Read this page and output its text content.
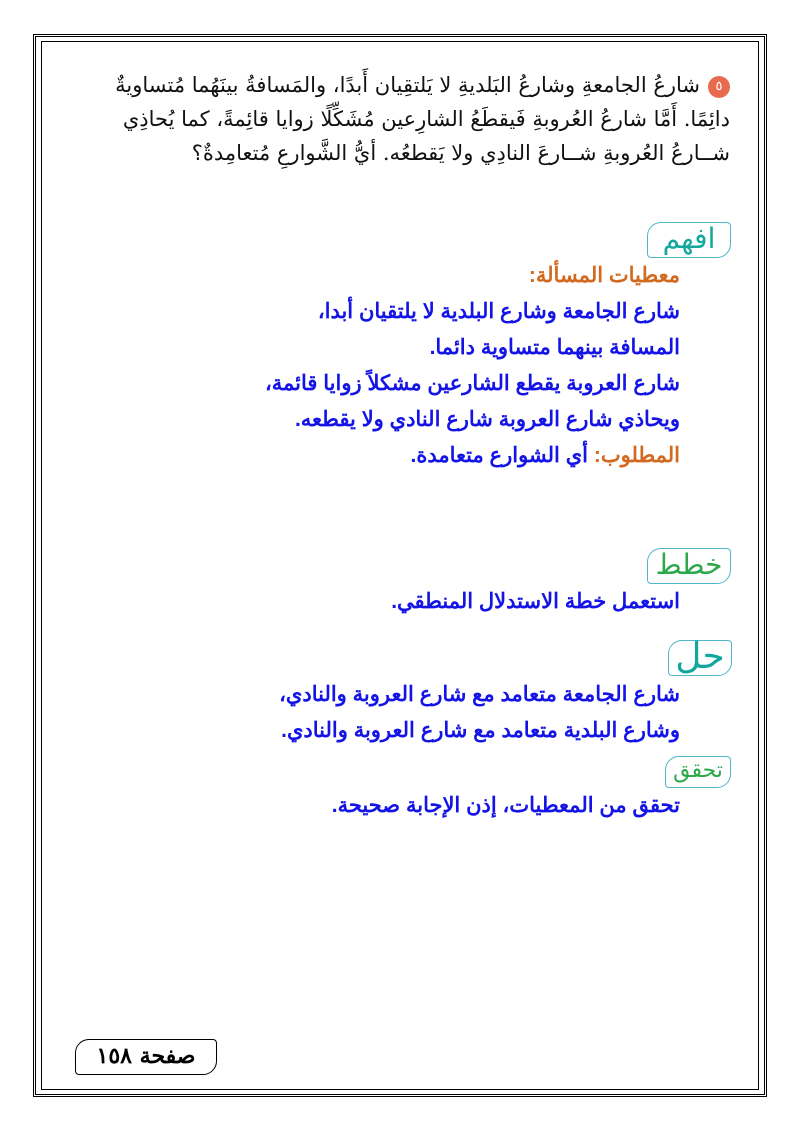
٥شارعُ الجامعةِ وشارعُ البَلديةِ لا يَلتقِيان أَبدًا، والمَسافةُ بينَهُما مُتساويةٌ دائِمًا. أَمَّا شارعُ العُروبةِ فَيقطَعُ الشارِعين مُشَكِّلًا زوايا قائِمةً، كما يُحاذِي شــارعُ العُروبةِ شــارعَ النادِي ولا يَقطعُه. أيُّ الشَّوارعِ مُتعامِدةٌ؟
افهم
معطيات المسألة:
شارع الجامعة وشارع البلدية لا يلتقيان أبدا،
المسافة بينهما متساوية دائما.
شارع العروبة يقطع الشارعين مشكلاً زوايا قائمة،
ويحاذي شارع العروبة شارع النادي ولا يقطعه.
المطلوب: أي الشوارع متعامدة.
خطط
استعمل خطة الاستدلال المنطقي.
حل
شارع الجامعة متعامد مع شارع العروبة والنادي،
وشارع البلدية متعامد مع شارع العروبة والنادي.
تحقق
تحقق من المعطيات، إذن الإجابة صحيحة.
صفحة ١٥٨
